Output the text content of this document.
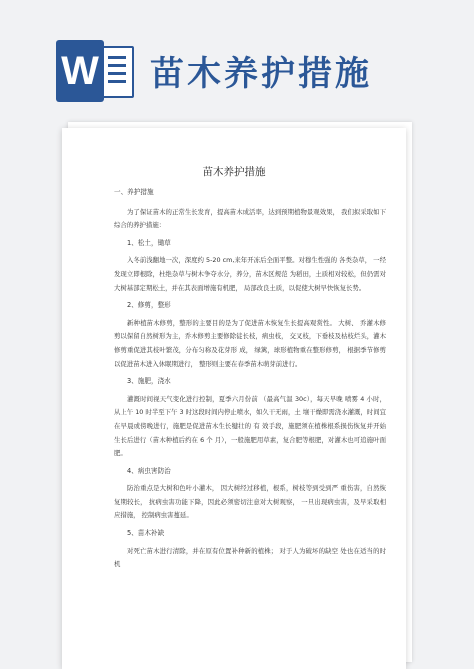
W 苗木养护措施
苗木养护措施
一、养护措施

为了保证苗木的正常生长发育，提高苗木成活率，达到预期植物景观效果， 我们拟采取如下综合的养护措施：

1、松土，锄草

入冬前浅翻地一次，深度约 5-20 cm,来年开冻后全面平整。对穆生性强的 各类杂草， 一经发现立即根除，杜绝杂草与树木争夺水分，养分，苗木区规范 为稻田，土质相对较松，但仍需对大树基部定期松土，并在其表面增施有机肥， 局部改良土质，以促使大树早快恢复长势。

2、修剪，整形

新种植苗木修剪，整形的主要目的是为了促进苗木恢复生长提高观赏性。 大树、 乔灌木修剪以保留自然树形为主，乔木修剪主要修除徒长枝，病虫枝， 交叉枝，下垂枝及枯枝烂头，灌木修剪重促进其枝叶繁茂，分布匀称及花芽形 成， 绿篱，球形植物重在整形修剪， 根据季节修剪以促进苗木进入休眠期进行， 整形则主要在春季苗木萌芽前进行。

3、施肥，浇水

灌溉时间视天气变化进行控制，夏季六月份前 （最高气温 30c），每天早晚 喷雾 4 小时，从上午 10 时半至下午 3 时这段时间内停止喷水，如久干无雨，土 壤干燥即需浇水灌溉，时间宜在早晨或傍晚进行，施肥是促进苗木生长犍壮的 有 效手段，施肥须在植株根系损伤恢复并开始生长后进行（苗木种植后约在 6 个 月），一般施肥用草素，复合肥等根肥，对灌木也可追施叶面肥。

4、病虫害防治

防治重点是大树和色叶小灌木， 因大树经过移植，根系，树枝等到受到严 重伤害，自然恢复期较长， 抗病虫害功能下降，因此必须密切注意对大树观察， 一旦出现病虫害，及早采取相应措施， 控制病虫害蔓延。

5、苗木补缺

对死亡苗木进行清除，并在原有位置补种新的植株； 对于人为破坏的缺空 处也在适当的时机
